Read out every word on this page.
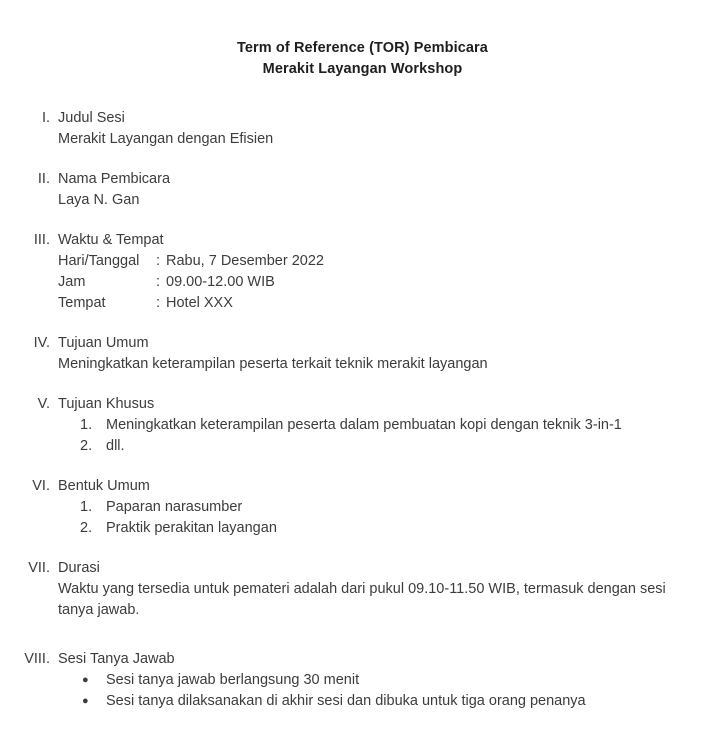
Term of Reference (TOR) Pembicara
Merakit Layangan Workshop
I. Judul Sesi
Merakit Layangan dengan Efisien
II. Nama Pembicara
Laya N. Gan
III. Waktu & Tempat
Hari/Tanggal	: Rabu, 7 Desember 2022
Jam	: 09.00-12.00 WIB
Tempat	: Hotel XXX
IV. Tujuan Umum
Meningkatkan keterampilan peserta terkait teknik merakit layangan
V. Tujuan Khusus
1. Meningkatkan keterampilan peserta dalam pembuatan kopi dengan teknik 3-in-1
2. dll.
VI. Bentuk Umum
1. Paparan narasumber
2. Praktik perakitan layangan
VII. Durasi
Waktu yang tersedia untuk pemateri adalah dari pukul 09.10-11.50 WIB, termasuk dengan sesi tanya jawab.
VIII. Sesi Tanya Jawab
●	Sesi tanya jawab berlangsung 30 menit
●	Sesi tanya dilaksanakan di akhir sesi dan dibuka untuk tiga orang penanya
